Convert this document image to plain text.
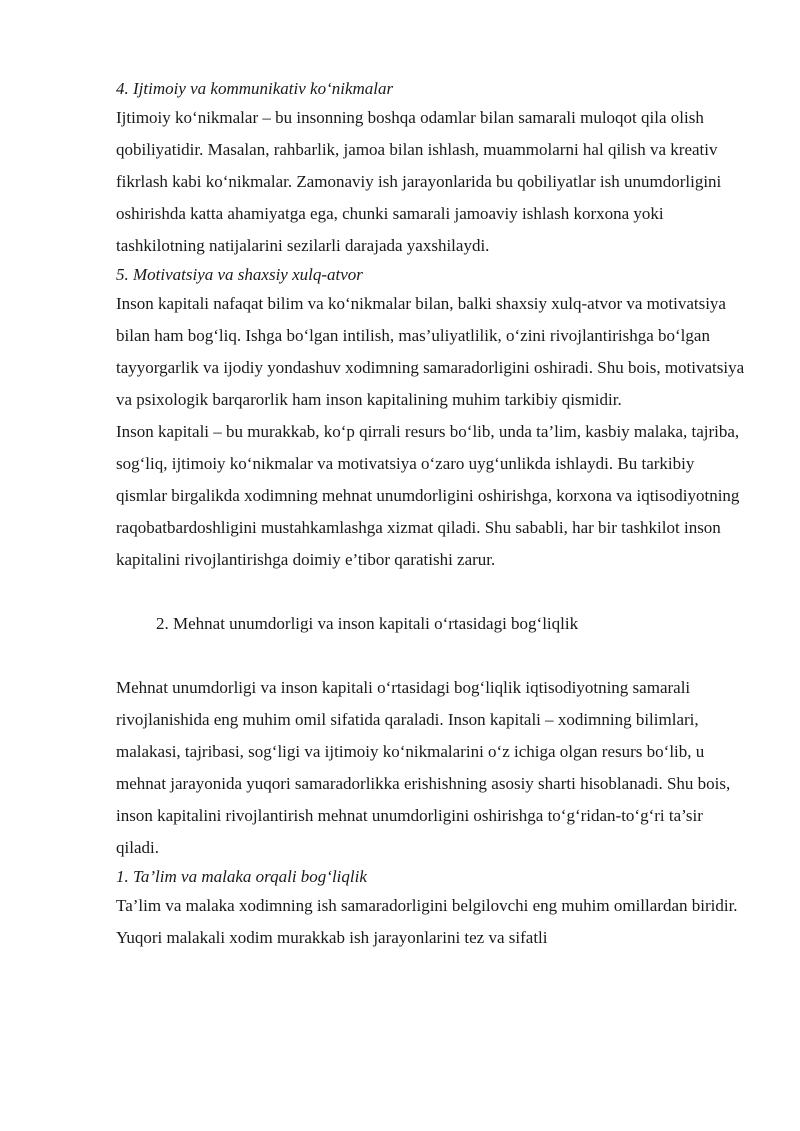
4. Ijtimoiy va kommunikativ ko‘nikmalar

Ijtimoiy ko‘nikmalar – bu insonning boshqa odamlar bilan samarali muloqot qila olish qobiliyatidir. Masalan, rahbarlik, jamoa bilan ishlash, muammolarni hal qilish va kreativ fikrlash kabi ko‘nikmalar. Zamonaviy ish jarayonlarida bu qobiliyatlar ish unumdorligini oshirishda katta ahamiyatga ega, chunki samarali jamoaviy ishlash korxona yoki tashkilotning natijalarini sezilarli darajada yaxshilaydi.

5. Motivatsiya va shaxsiy xulq-atvor

Inson kapitali nafaqat bilim va ko‘nikmalar bilan, balki shaxsiy xulq-atvor va motivatsiya bilan ham bog‘liq. Ishga bo‘lgan intilish, mas’uliyatlilik, o‘zini rivojlantirishga bo‘lgan tayyorgarlik va ijodiy yondashuv xodimning samaradorligini oshiradi. Shu bois, motivatsiya va psixologik barqarorlik ham inson kapitalining muhim tarkibiy qismidir.

Inson kapitali – bu murakkab, ko‘p qirrali resurs bo‘lib, unda ta’lim, kasbiy malaka, tajriba, sog‘liq, ijtimoiy ko‘nikmalar va motivatsiya o‘zaro uyg‘unlikda ishlaydi. Bu tarkibiy qismlar birgalikda xodimning mehnat unumdorligini oshirishga, korxona va iqtisodiyotning raqobatbardoshligini mustahkamlashga xizmat qiladi. Shu sababli, har bir tashkilot inson kapitalini rivojlantirishga doimiy e’tibor qaratishi zarur.

2. Mehnat unumdorligi va inson kapitali o‘rtasidagi bog‘liqlik

Mehnat unumdorligi va inson kapitali o‘rtasidagi bog‘liqlik iqtisodiyotning samarali rivojlanishida eng muhim omil sifatida qaraladi. Inson kapitali – xodimning bilimlari, malakasi, tajribasi, sog‘ligi va ijtimoiy ko‘nikmalarini o‘z ichiga olgan resurs bo‘lib, u mehnat jarayonida yuqori samaradorlikka erishishning asosiy sharti hisoblanadi. Shu bois, inson kapitalini rivojlantirish mehnat unumdorligini oshirishga to‘g‘ridan-to‘g‘ri ta’sir qiladi.

1. Ta’lim va malaka orqali bog‘liqlik

Ta’lim va malaka xodimning ish samaradorligini belgilovchi eng muhim omillardan biridir. Yuqori malakali xodim murakkab ish jarayonlarini tez va sifatli
